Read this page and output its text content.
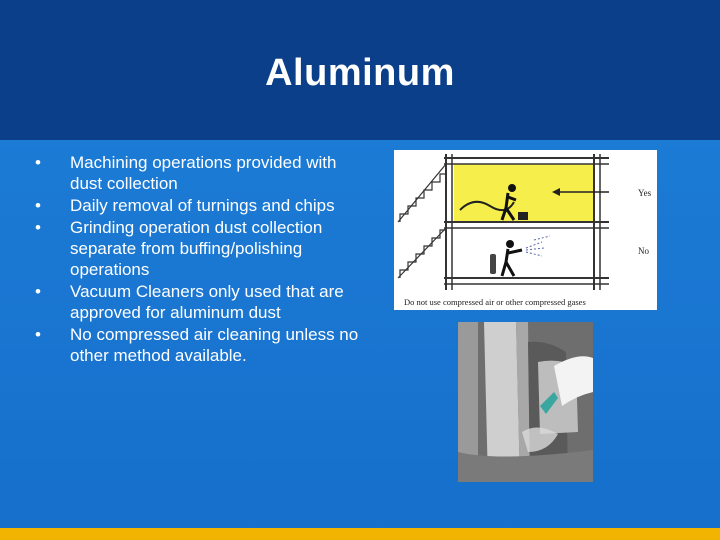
Aluminum
• Machining operations provided with dust collection
• Daily removal of turnings and chips
• Grinding operation dust collection separate from buffing/polishing operations
• Vacuum Cleaners only used that are approved for aluminum dust
• No compressed air cleaning unless no other method available.
Yes
No
Do not use compressed air or other compressed gases
